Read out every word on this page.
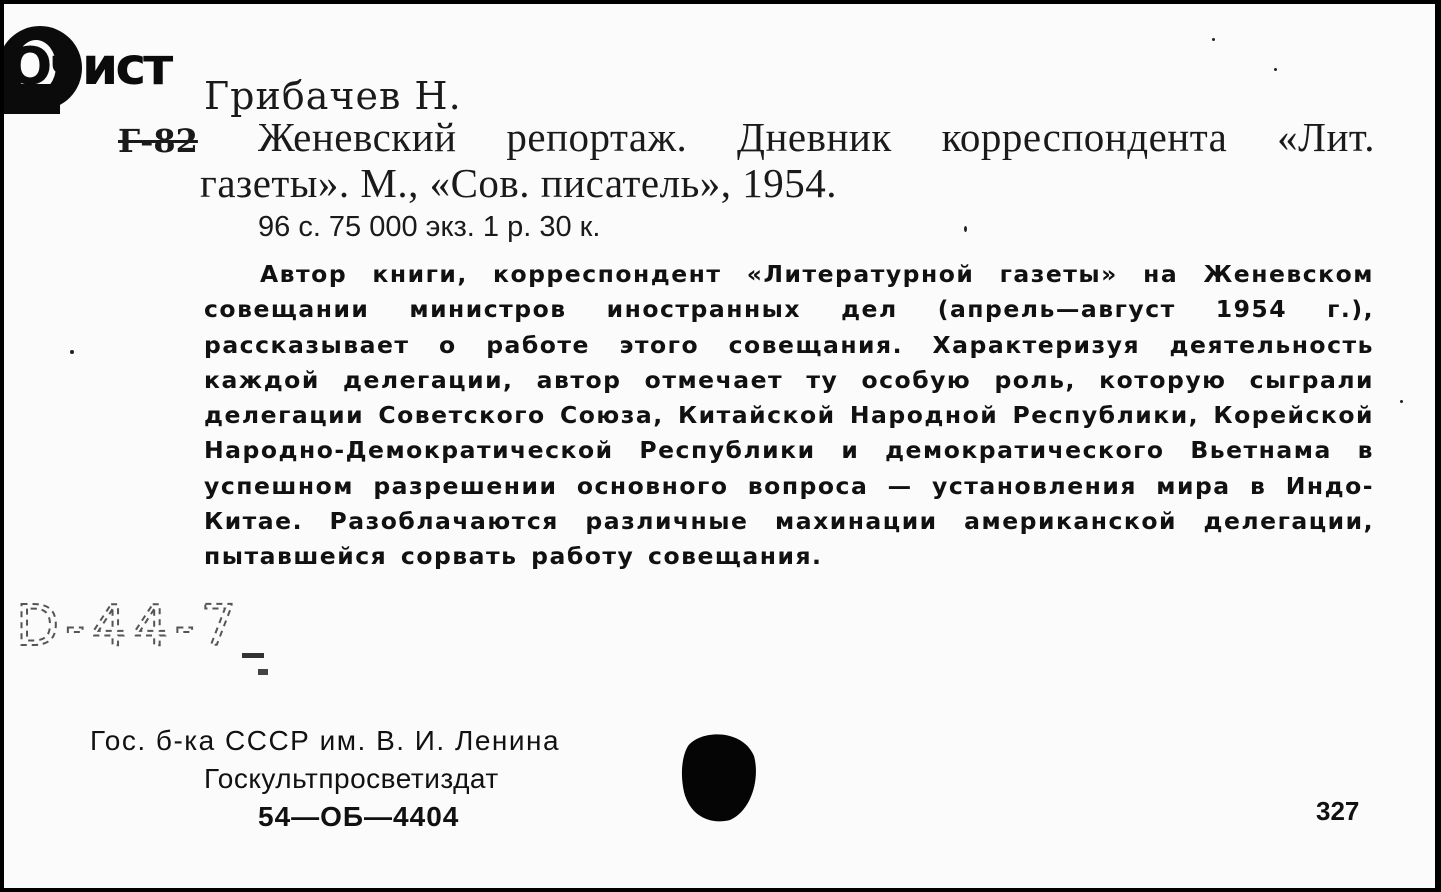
Очист Грибачев Н.
Г-82	Женевский репортаж. Дневник корреспондента «Лит. газеты». М., «Сов. писатель», 1954.
96 с. 75 000 экз. 1 р. 30 к.
Автор книги, корреспондент «Литературной газеты» на Женевском совещании министров иностранных дел (апрель—август 1954 г.), рассказывает о работе этого совещания. Характеризуя деятельность каждой делегации, автор отмечает ту особую роль, которую сыграли делегации Советского Союза, Китайской Народной Республики, Корейской Народно-Демократической Республики и демократического Вьетнама в успешном разрешении основного вопроса — установления мира в Индо-Китае. Разоблачаются различные махинации американской делегации, пытавшейся сорвать работу совещания.
D-44-7
Гос. б-ка СССР им. В. И. Ленина
Госкультпросветиздат
54—ОБ—4404	327
